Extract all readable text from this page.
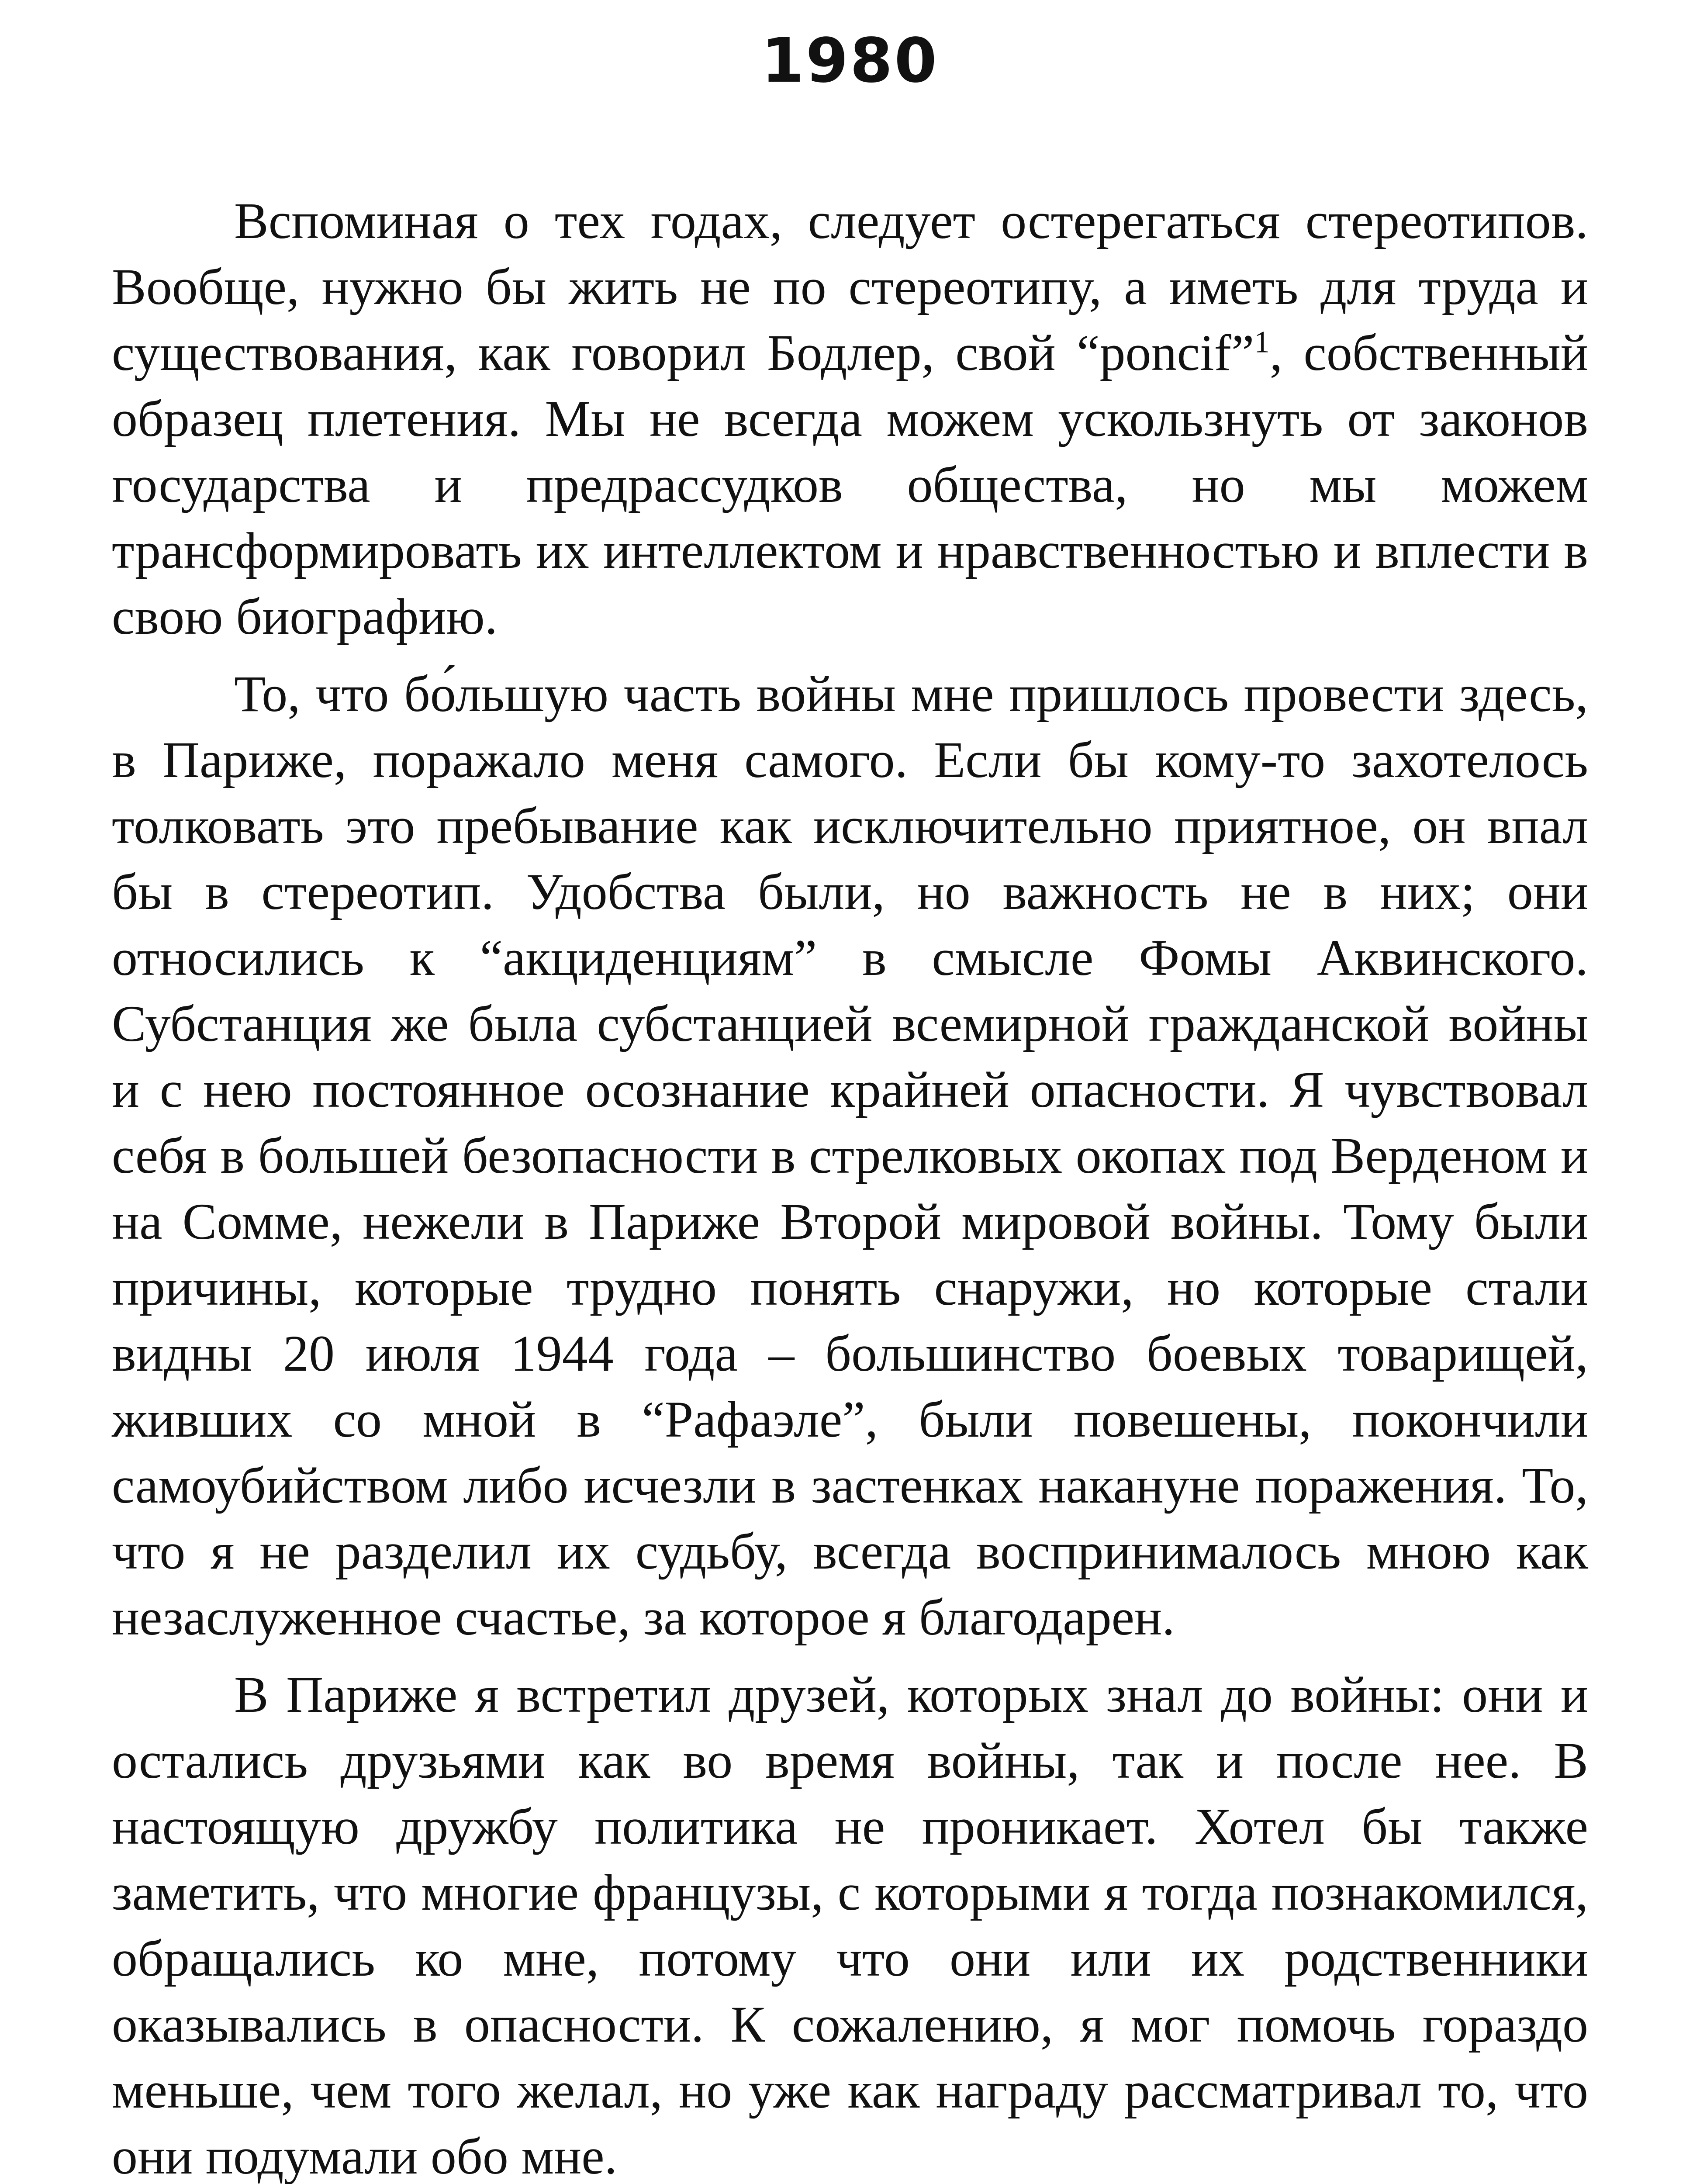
1980

Вспоминая о тех годах, следует остерегаться стереотипов. Вообще, нужно бы жить не по стереотипу, а иметь для труда и существования, как говорил Бодлер, свой “poncif”$^1$, собственный образец плетения. Мы не всегда можем ускользнуть от законов государства и предрассудков общества, но мы можем трансформировать их интеллектом и нравственностью и вплести в свою биографию.

То, что бо́льшую часть войны мне пришлось провести здесь, в Париже, поражало меня самого. Если бы кому-то захотелось толковать это пребывание как исключительно приятное, он впал бы в стереотип. Удобства были, но важность не в них; они относились к “акциденциям” в смысле Фомы Аквинского. Субстанция же была субстанцией всемирной гражданской войны и с нею постоянное осознание крайней опасности. Я чувствовал себя в большей безопасности в стрелковых окопах под Верденом и на Сомме, нежели в Париже Второй мировой войны. Тому были причины, которые трудно понять снаружи, но которые стали видны 20 июля 1944 года – большинство боевых товарищей, живших со мной в “Рафаэле”, были повешены, покончили самоубийством либо исчезли в застенках накануне поражения. То, что я не разделил их судьбу, всегда воспринималось мною как незаслуженное счастье, за которое я благодарен.

В Париже я встретил друзей, которых знал до войны: они и остались друзьями как во время войны, так и после нее. В настоящую дружбу политика не проникает. Хотел бы также заметить, что многие французы, с которыми я тогда познакомился, обращались ко мне, потому что они или их родственники оказывались в опасности. К сожалению, я мог помочь гораздо меньше, чем того желал, но уже как награду рассматривал то, что они подумали обо мне.
